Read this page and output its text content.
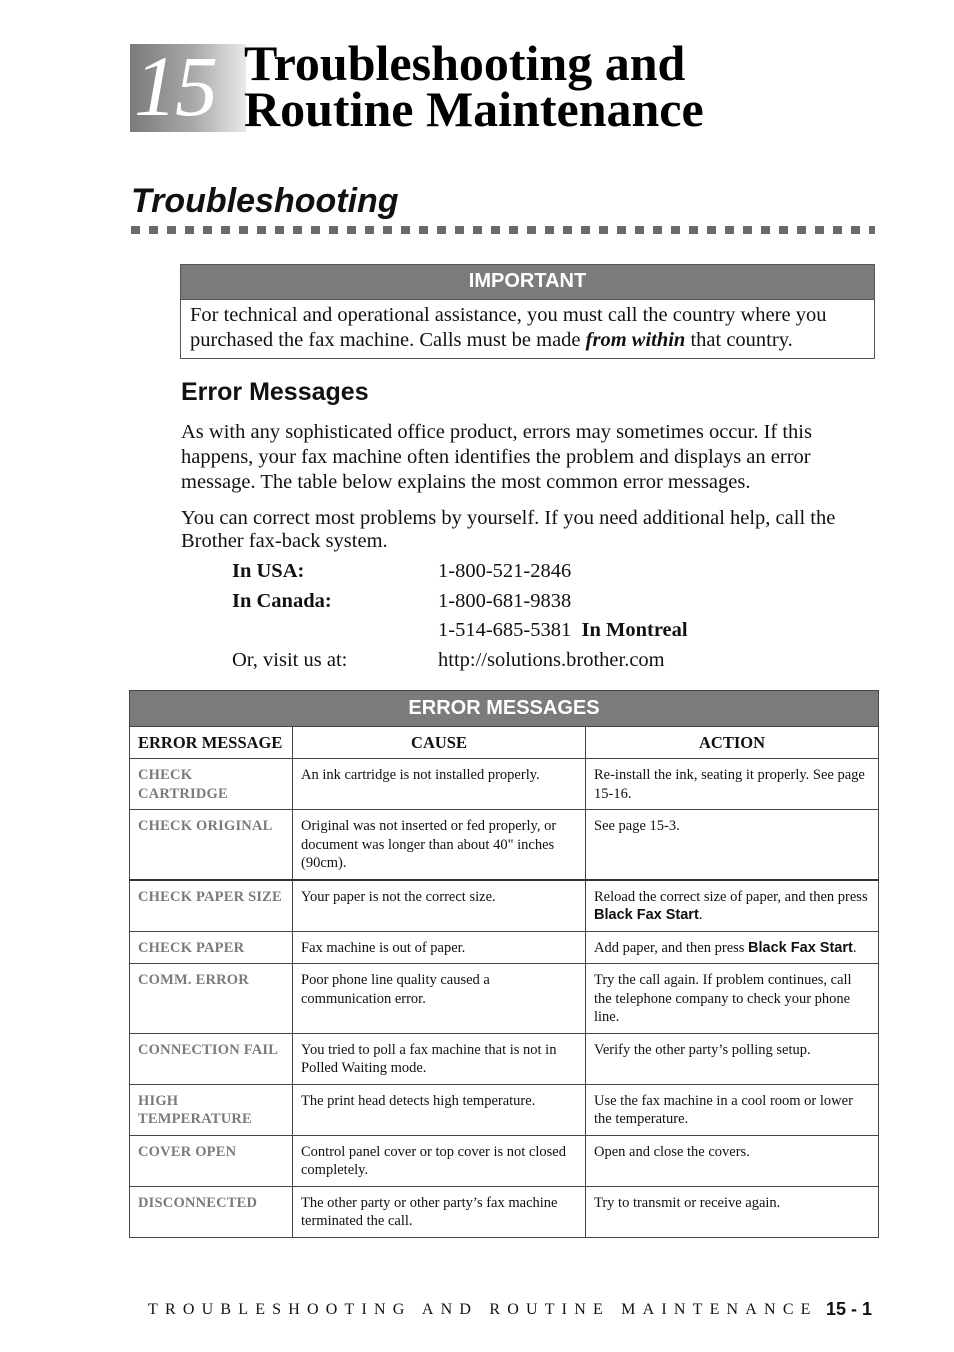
15 Troubleshooting and
Routine Maintenance
Troubleshooting
IMPORTANT
For technical and operational assistance, you must call the country where you purchased the fax machine. Calls must be made from within that country.
Error Messages
As with any sophisticated office product, errors may sometimes occur. If this happens, your fax machine often identifies the problem and displays an error message. The table below explains the most common error messages.
You can correct most problems by yourself. If you need additional help, call the Brother fax-back system.
In USA:	1-800-521-2846
In Canada:	1-800-681-9838
1-514-685-5381 In Montreal
Or, visit us at:	http://solutions.brother.com
ERROR MESSAGES		
ERROR MESSAGE	CAUSE	ACTION
CHECK CARTRIDGE	An ink cartridge is not installed properly.	Re-install the ink, seating it properly. See page 15-16.
CHECK ORIGINAL	Original was not inserted or fed properly, or document was longer than about 40" inches (90cm).	See page 15-3.
CHECK PAPER SIZE	Your paper is not the correct size.	Reload the correct size of paper, and then press Black Fax Start.
CHECK PAPER	Fax machine is out of paper.	Add paper, and then press Black Fax Start.
COMM. ERROR	Poor phone line quality caused a communication error.	Try the call again. If problem continues, call the telephone company to check your phone line.
CONNECTION FAIL	You tried to poll a fax machine that is not in Polled Waiting mode.	Verify the other party’s polling setup.
HIGH TEMPERATURE	The print head detects high temperature.	Use the fax machine in a cool room or lower the temperature.
COVER OPEN	Control panel cover or top cover is not closed completely.	Open and close the covers.
DISCONNECTED	The other party or other party’s fax machine terminated the call.	Try to transmit or receive again.
TROUBLESHOOTING AND ROUTINE MAINTENANCE 15 - 1
